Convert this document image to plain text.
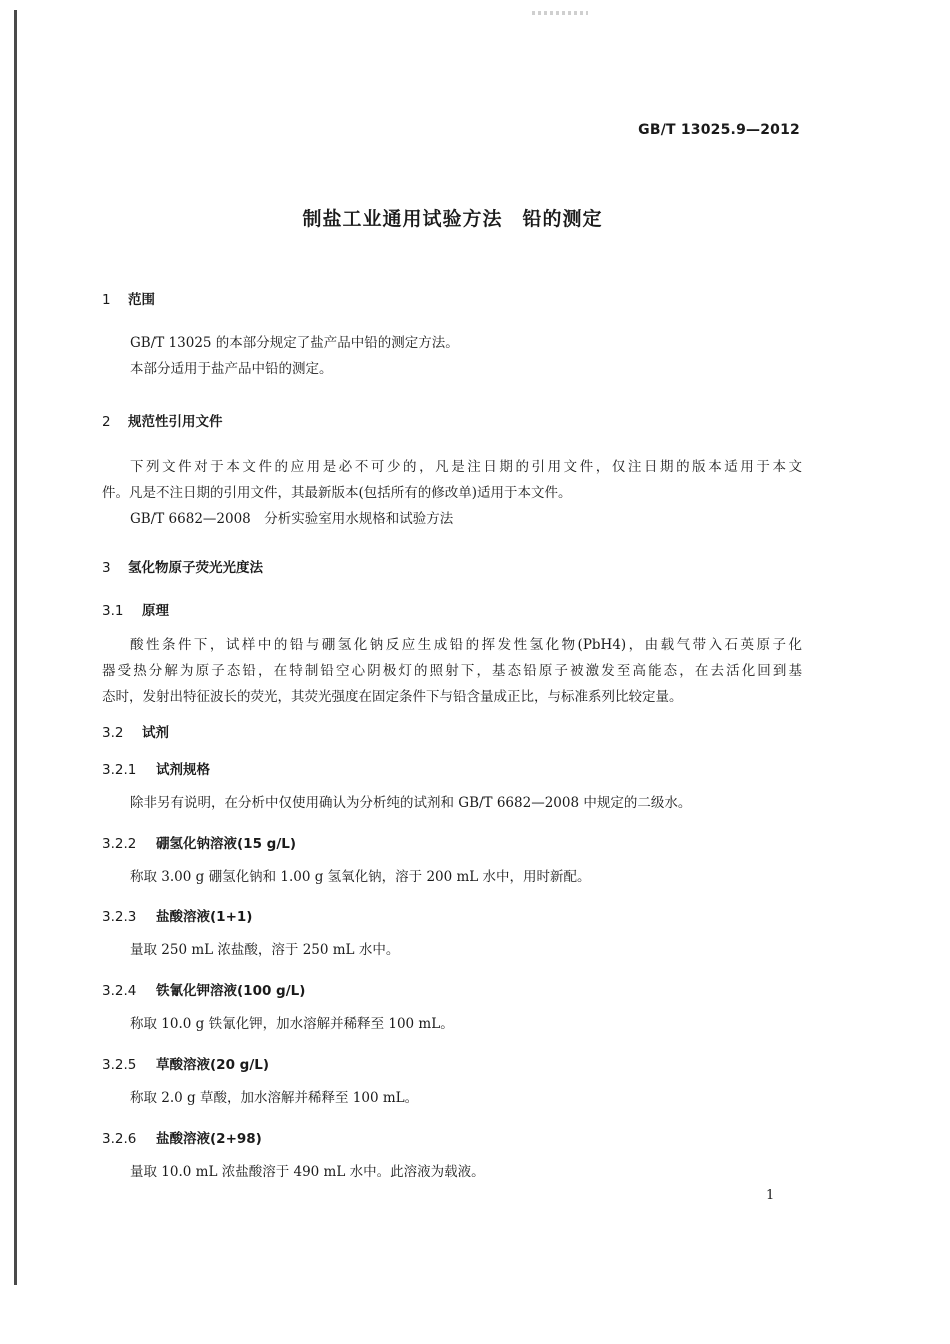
GB/T 13025.9—2012
制盐工业通用试验方法　铅的测定
1 范围
GB/T 13025 的本部分规定了盐产品中铅的测定方法。
本部分适用于盐产品中铅的测定。
2 规范性引用文件
下列文件对于本文件的应用是必不可少的，凡是注日期的引用文件，仅注日期的版本适用于本文
件。凡是不注日期的引用文件，其最新版本(包括所有的修改单)适用于本文件。
GB/T 6682—2008　分析实验室用水规格和试验方法
3 氢化物原子荧光光度法
3.1 原理
酸性条件下，试样中的铅与硼氢化钠反应生成铅的挥发性氢化物(PbH4)，由载气带入石英原子化
器受热分解为原子态铅，在特制铅空心阴极灯的照射下，基态铅原子被激发至高能态，在去活化回到基
态时，发射出特征波长的荧光，其荧光强度在固定条件下与铅含量成正比，与标准系列比较定量。
3.2 试剂
3.2.1 试剂规格
除非另有说明，在分析中仅使用确认为分析纯的试剂和 GB/T 6682—2008 中规定的二级水。
3.2.2 硼氢化钠溶液(15 g/L)
称取 3.00 g 硼氢化钠和 1.00 g 氢氧化钠，溶于 200 mL 水中，用时新配。
3.2.3 盐酸溶液(1+1)
量取 250 mL 浓盐酸，溶于 250 mL 水中。
3.2.4 铁氰化钾溶液(100 g/L)
称取 10.0 g 铁氰化钾，加水溶解并稀释至 100 mL。
3.2.5 草酸溶液(20 g/L)
称取 2.0 g 草酸，加水溶解并稀释至 100 mL。
3.2.6 盐酸溶液(2+98)
量取 10.0 mL 浓盐酸溶于 490 mL 水中。此溶液为载液。
1
